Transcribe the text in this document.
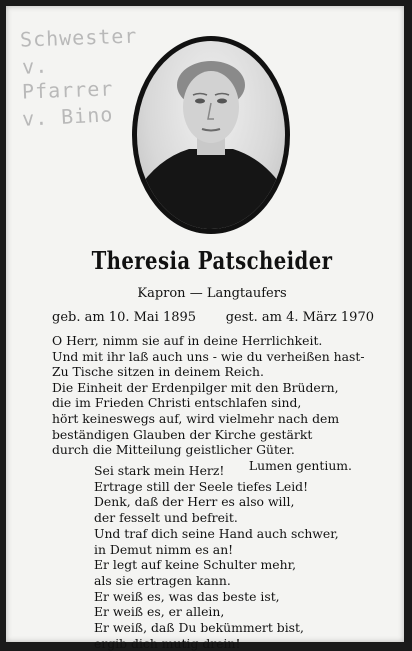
Schwester
v.
Pfarrer
v. Bino
Theresia Patscheider
Kapron — Langtaufers
geb. am 10. Mai 1895 gest. am 4. März 1970
O Herr, nimm sie auf in deine Herrlichkeit.
Und mit ihr laß auch uns - wie du verheißen hast-
Zu Tische sitzen in deinem Reich.
Die Einheit der Erdenpilger mit den Brüdern,
die im Frieden Christi entschlafen sind,
hört keineswegs auf, wird vielmehr nach dem
beständigen Glauben der Kirche gestärkt
durch die Mitteilung geistlicher Güter.
Lumen gentium.
Sei stark mein Herz!
Ertrage still der Seele tiefes Leid!
Denk, daß der Herr es also will,
der fesselt und befreit.
Und traf dich seine Hand auch schwer,
in Demut nimm es an!
Er legt auf keine Schulter mehr,
als sie ertragen kann.
Er weiß es, was das beste ist,
Er weiß es, er allein,
Er weiß, daß Du bekümmert bist,
ergib dich mutig drein!
